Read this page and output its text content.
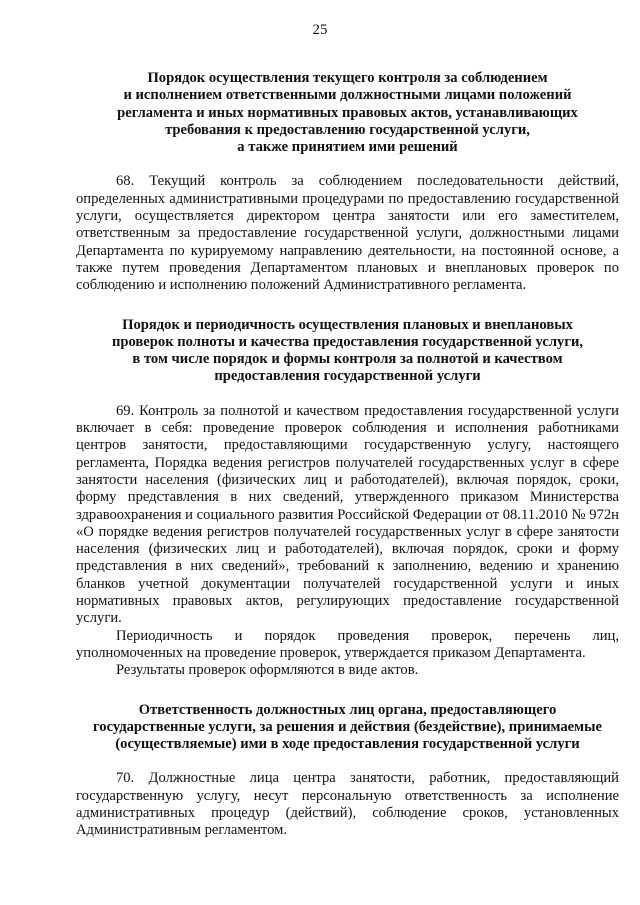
25
Порядок осуществления текущего контроля за соблюдением
и исполнением ответственными должностными лицами положений
регламента и иных нормативных правовых актов, устанавливающих
требования к предоставлению государственной услуги,
а также принятием ими решений

68. Текущий контроль за соблюдением последовательности действий, определенных административными процедурами по предоставлению государственной услуги, осуществляется директором центра занятости или его заместителем, ответственным за предоставление государственной услуги, должностными лицами Департамента по курируемому направлению деятельности, на постоянной основе, а также путем проведения Департаментом плановых и внеплановых проверок по соблюдению и исполнению положений Административного регламента.

Порядок и периодичность осуществления плановых и внеплановых
проверок полноты и качества предоставления государственной услуги,
в том числе порядок и формы контроля за полнотой и качеством
предоставления государственной услуги

69. Контроль за полнотой и качеством предоставления государственной услуги включает в себя: проведение проверок соблюдения и исполнения работниками центров занятости, предоставляющими государственную услугу, настоящего регламента, Порядка ведения регистров получателей государственных услуг в сфере занятости населения (физических лиц и работодателей), включая порядок, сроки, форму представления в них сведений, утвержденного приказом Министерства здравоохранения и социального развития Российской Федерации от 08.11.2010 № 972н «О порядке ведения регистров получателей государственных услуг в сфере занятости населения (физических лиц и работодателей), включая порядок, сроки и форму представления в них сведений», требований к заполнению, ведению и хранению бланков учетной документации получателей государственной услуги и иных нормативных правовых актов, регулирующих предоставление государственной услуги.

Периодичность и порядок проведения проверок, перечень лиц, уполномоченных на проведение проверок, утверждается приказом Департамента.

Результаты проверок оформляются в виде актов.

Ответственность должностных лиц органа, предоставляющего
государственные услуги, за решения и действия (бездействие), принимаемые
(осуществляемые) ими в ходе предоставления государственной услуги

70. Должностные лица центра занятости, работник, предоставляющий государственную услугу, несут персональную ответственность за исполнение административных процедур (действий), соблюдение сроков, установленных Административным регламентом.
